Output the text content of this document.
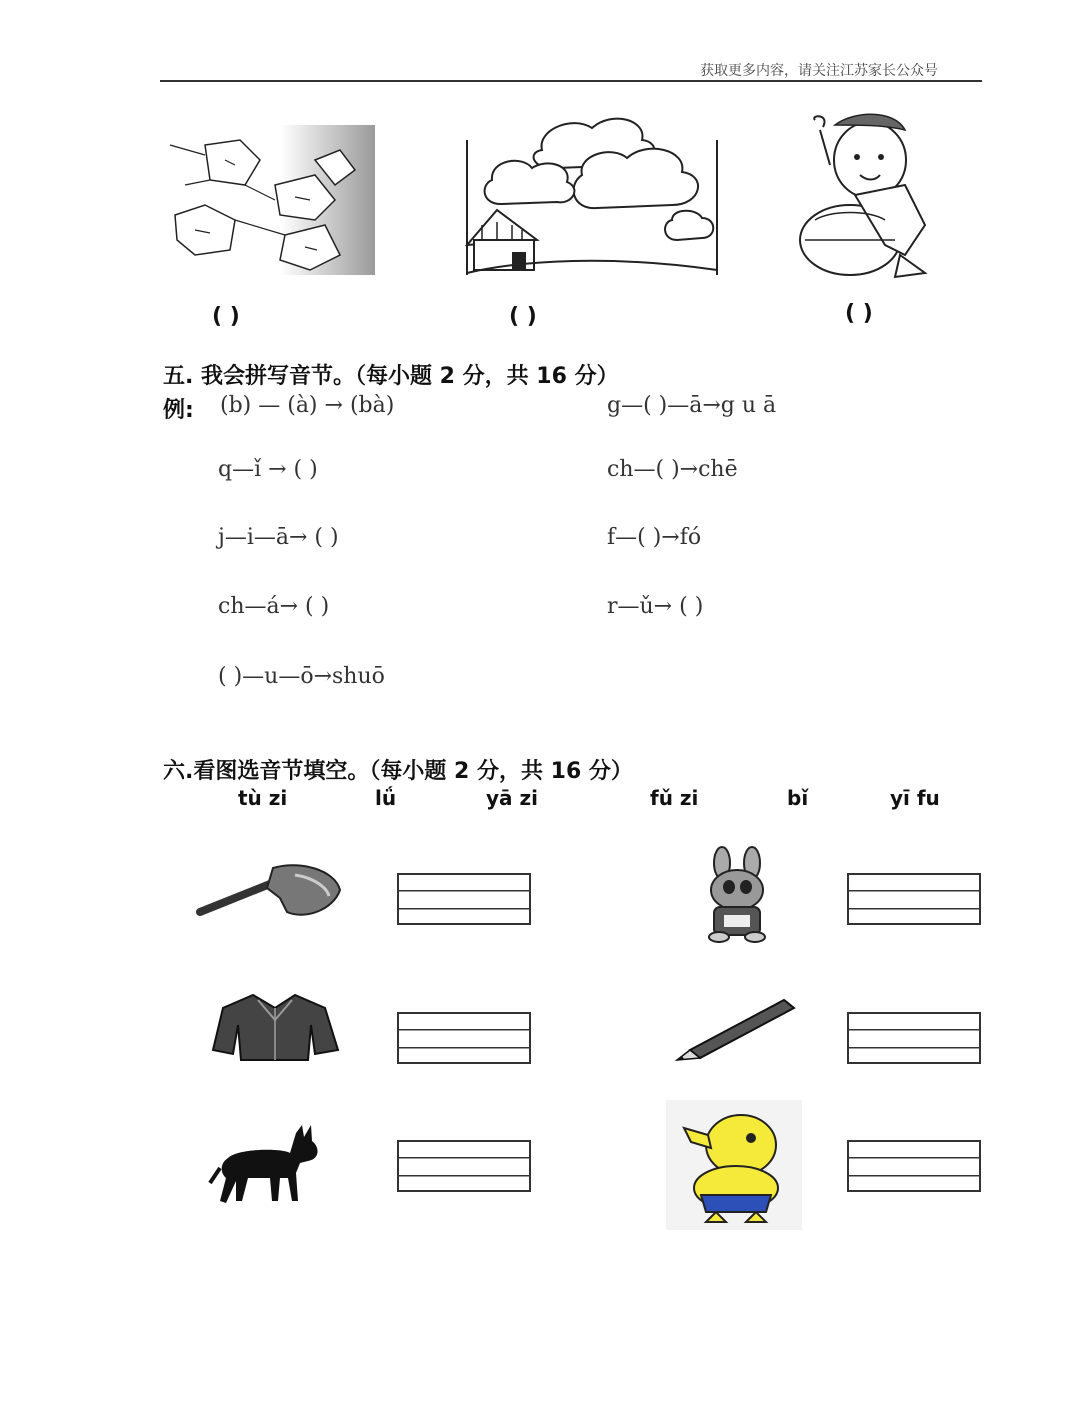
获取更多内容，请关注江苏家长公众号
( )	( )	( )
五. 我会拼写音节。（每小题 2 分，共 16 分）
例: (b) — (à) → (bà)	g—( )—ā→g u ā
q—ǐ → ( )	ch—( )→chē
j—i—ā→ ( )	f—( )→fó
ch—á→ ( )	r—ǔ→ ( )
( )—u—ō→shuō
六.看图选音节填空。（每小题 2 分，共 16 分）
tù zi	lǘ	yā zi	fǔ zi	bǐ	yī fu
